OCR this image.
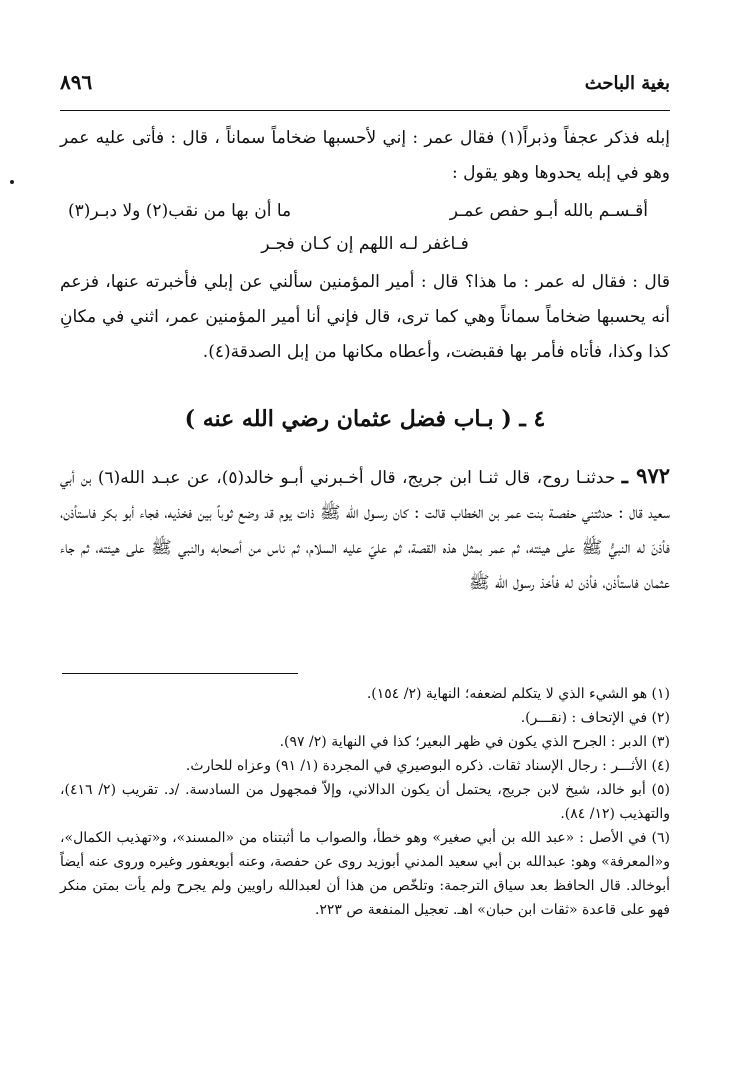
بغية الباحث
٨٩٦

إبله فذكر عجفاً وذبراً(١) فقال عمر : إني لأحسبها ضخاماً سماناً ، قال : فأتى عليه عمر وهو في إبله يحدوها وهو يقول :

أقـسـم بالله أبـو حفص عمـر
ما أن بها من نقب(٢) ولا دبـر(٣)
فـاغفر لـه اللهم إن كـان فجـر

قال : فقال له عمر : ما هذا؟ قال : أمير المؤمنين سألني عن إبلي فأخبرته عنها، فزعم أنه يحسبها ضخاماً سماناً وهي كما ترى، قال فإني أنا أمير المؤمنين عمر، اثني في مكانِ كذا وكذا، فأتاه فأمر بها فقبضت، وأعطاه مكانها من إبل الصدقة(٤).

٤ ـ ( بـاب فضل عثمان رضي الله عنه )

٩٧٢ ـ حدثنـا روح، قال ثنـا ابن جريج، قال أخـبرني أبـو خالد(٥)، عن عبـد الله(٦) بن أبي سعيد قال : حدثتني حفصـة بنت عمر بن الخطاب قالت : كان رسـول الله ﷺ ذات يوم قد وضع ثوباً بين فخذيه، فجاء أبو بكر فاستأذن، فأذنَ له النبيُّ ﷺ على هيئته، ثم عمر بمثل هذه القصة، ثم عليّ عليه السلام، ثم ناس من أصحابه والنبي ﷺ على هيئته، ثم جاء عثمان فاستأذن، فأذن له فأخذ رسول الله ﷺ

(١) هو الشيء الذي لا يتكلم لضعفه؛ النهاية (٢/ ١٥٤).
(٢) في الإتحاف : (نقـــر).
(٣) الدبر : الجرح الذي يكون في ظهر البعير؛ كذا في النهاية (٢/ ٩٧).
(٤) الأثـــر : رجال الإسناد ثقات. ذكره البوصيري في المجردة (١/ ٩١) وعزاه للحارث.
(٥) أبو خالد، شيخ لابن جريج، يحتمل أن يكون الدالاني، وإلاّ فمجهول من السادسة. /د. تقريب (٢/ ٤١٦)، والتهذيب (١٢/ ٨٤).
(٦) في الأصل : «عبد الله بن أبي صغير» وهو خطأ، والصواب ما أثبتناه من «المسند»، و«تهذيب الكمال»، و«المعرفة» وهو: عبدالله بن أبي سعيد المدني أبوزيد روى عن حفصة، وعنه أبويعفور وغيره وروى عنه أيضاً أبوخالد. قال الحافظ بعد سياق الترجمة: وتلخّص من هذا أن لعبدالله راويين ولم يجرح ولم يأت بمتن منكر فهو على قاعدة «ثقات ابن حبان» اهـ. تعجيل المنفعة ص ٢٢٣.
